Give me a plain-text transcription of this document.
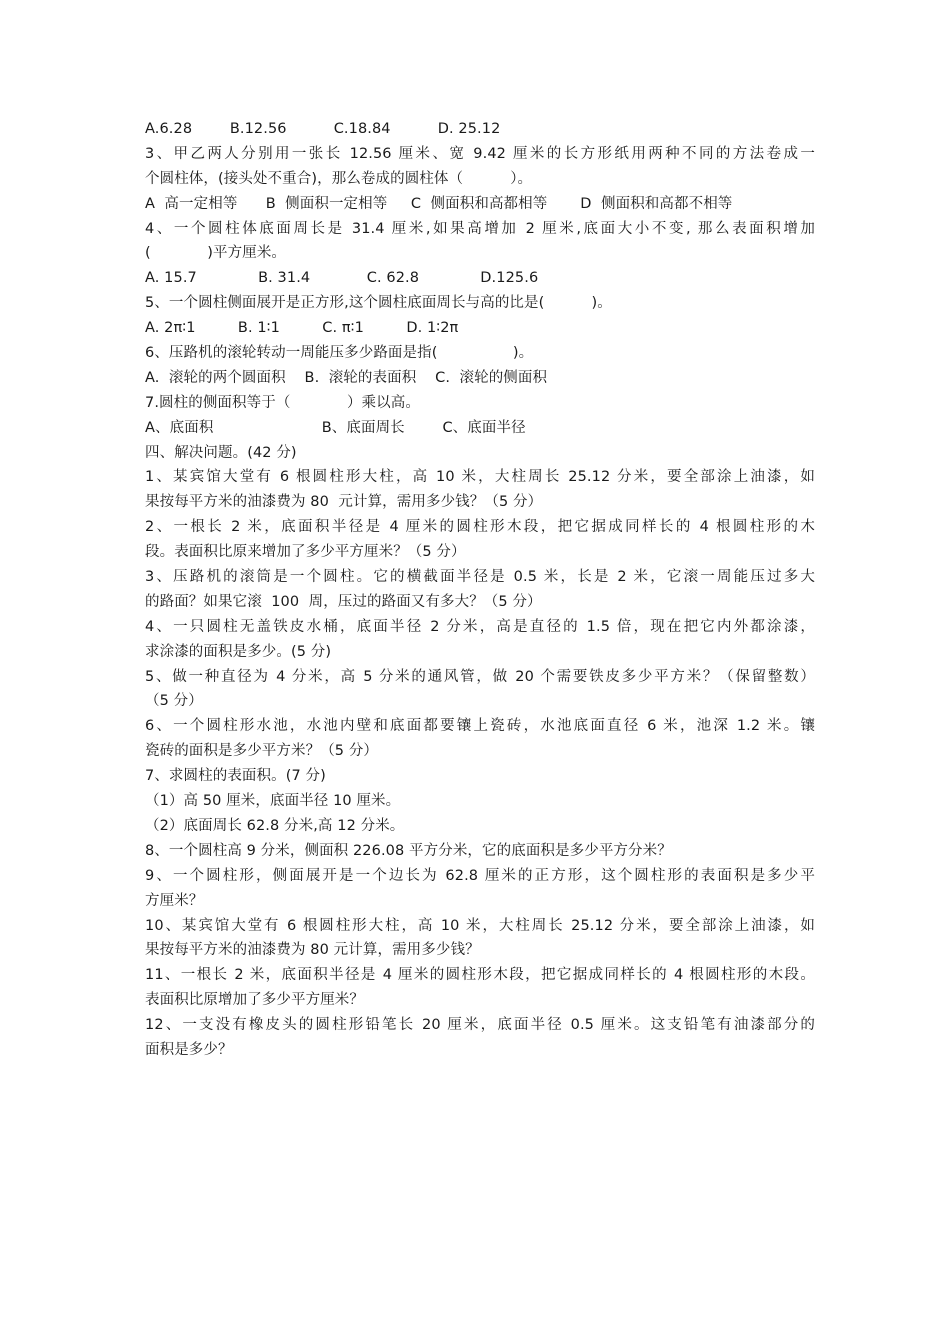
A.6.28        B.12.56          C.18.84          D. 25.12
3、甲乙两人分别用一张长 12.56 厘米、宽 9.42 厘米的长方形纸用两种不同的方法卷成一
个圆柱体，(接头处不重合)，那么卷成的圆柱体（          ）。
A  高一定相等      B  侧面积一定相等     C  侧面积和高都相等       D  侧面积和高都不相等
4、一个圆柱体底面周长是 31.4 厘米,如果高增加 2 厘米,底面大小不变, 那么表面积增加
(            )平方厘米。
A. 15.7             B. 31.4            C. 62.8             D.125.6
5、一个圆柱侧面展开是正方形,这个圆柱底面周长与高的比是(          )。
A. 2π∶1         B. 1∶1         C. π∶1         D. 1∶2π
6、压路机的滚轮转动一周能压多少路面是指(                )。
A.  滚轮的两个圆面积    B.  滚轮的表面积    C.  滚轮的侧面积
7.圆柱的侧面积等于（            ）乘以高。
A、底面积                       B、底面周长        C、底面半径
四、解决问题。(42 分)
1、某宾馆大堂有 6 根圆柱形大柱，高 10 米，大柱周长 25.12 分米，要全部涂上油漆，如
果按每平方米的油漆费为 80  元计算，需用多少钱？（5 分）
2、一根长 2 米，底面积半径是 4 厘米的圆柱形木段，把它据成同样长的 4 根圆柱形的木
段。表面积比原来增加了多少平方厘米？（5 分）
3、压路机的滚筒是一个圆柱。它的横截面半径是 0.5 米，长是 2 米，它滚一周能压过多大
的路面？如果它滚  100  周，压过的路面又有多大？（5 分）
4、一只圆柱无盖铁皮水桶，底面半径 2 分米，高是直径的 1.5 倍，现在把它内外都涂漆，
求涂漆的面积是多少。(5 分)
5、做一种直径为 4 分米，高 5 分米的通风管，做 20 个需要铁皮多少平方米？（保留整数）
（5 分）
6、一个圆柱形水池，水池内壁和底面都要镶上瓷砖，水池底面直径 6 米，池深 1.2 米。镶
瓷砖的面积是多少平方米？（5 分）
7、求圆柱的表面积。(7 分)
（1）高 50 厘米，底面半径 10 厘米。
（2）底面周长 62.8 分米,高 12 分米。
8、一个圆柱高 9 分米，侧面积 226.08 平方分米，它的底面积是多少平方分米？
9、一个圆柱形，侧面展开是一个边长为 62.8 厘米的正方形，这个圆柱形的表面积是多少平
方厘米？
10、某宾馆大堂有 6 根圆柱形大柱，高 10 米，大柱周长 25.12 分米，要全部涂上油漆，如
果按每平方米的油漆费为 80 元计算，需用多少钱？
11、一根长 2 米，底面积半径是 4 厘米的圆柱形木段，把它据成同样长的 4 根圆柱形的木段。
表面积比原增加了多少平方厘米？
12、一支没有橡皮头的圆柱形铅笔长 20 厘米，底面半径 0.5 厘米。这支铅笔有油漆部分的
面积是多少？
